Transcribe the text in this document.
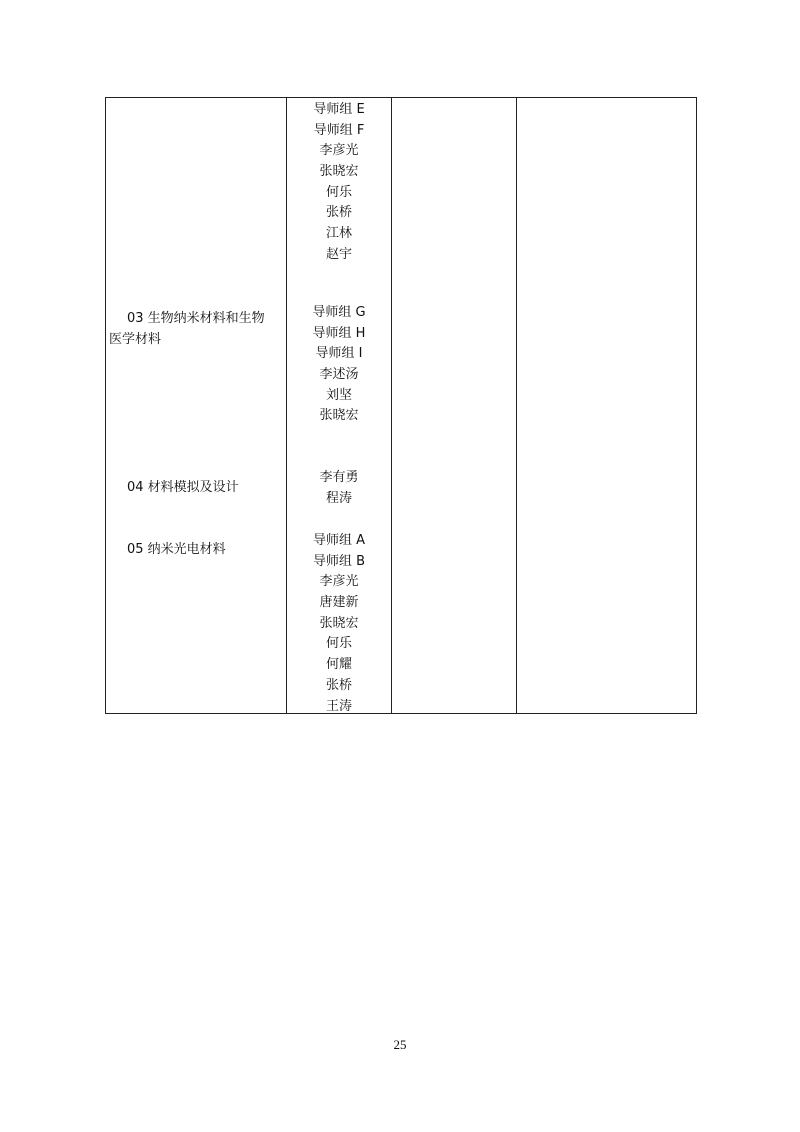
03 生物纳米材料和生物
医学材料
04 材料模拟及设计
05 纳米光电材料
导师组 E
导师组 F
李彦光
张晓宏
何乐
张桥
江林
赵宇
导师组 G
导师组 H
导师组 I
李述汤
刘坚
张晓宏
李有勇
程涛
导师组 A
导师组 B
李彦光
唐建新
张晓宏
何乐
何耀
张桥
王涛
25
